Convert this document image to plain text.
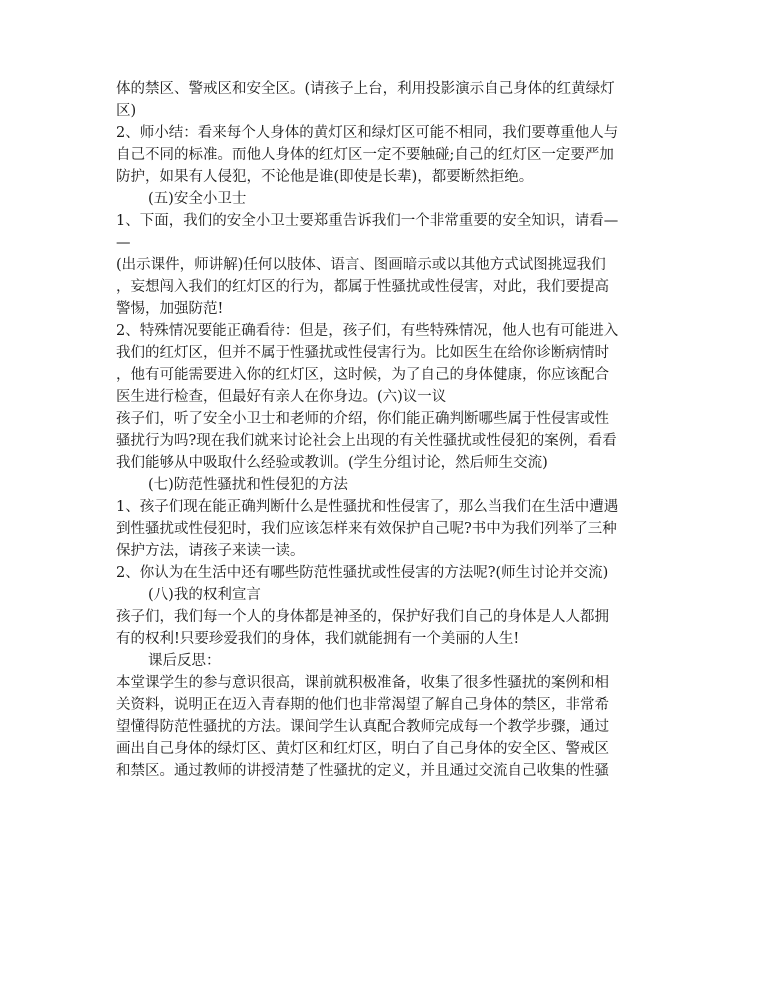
体的禁区、警戒区和安全区。(请孩子上台，利用投影演示自己身体的红黄绿灯
区)

2、师小结：看来每个人身体的黄灯区和绿灯区可能不相同，我们要尊重他人与
自己不同的标准。而他人身体的红灯区一定不要触碰;自己的红灯区一定要严加
防护，如果有人侵犯，不论他是谁(即使是长辈)，都要断然拒绝。

(五)安全小卫士

1、下面，我们的安全小卫士要郑重告诉我们一个非常重要的安全知识，请看—
—

(出示课件，师讲解)任何以肢体、语言、图画暗示或以其他方式试图挑逗我们
，妄想闯入我们的红灯区的行为，都属于性骚扰或性侵害，对此，我们要提高
警惕，加强防范!

2、特殊情况要能正确看待：但是，孩子们，有些特殊情况，他人也有可能进入
我们的红灯区，但并不属于性骚扰或性侵害行为。比如医生在给你诊断病情时
，他有可能需要进入你的红灯区，这时候，为了自己的身体健康，你应该配合
医生进行检查，但最好有亲人在你身边。(六)议一议
孩子们，听了安全小卫士和老师的介绍，你们能正确判断哪些属于性侵害或性
骚扰行为吗?现在我们就来讨论社会上出现的有关性骚扰或性侵犯的案例，看看
我们能够从中吸取什么经验或教训。(学生分组讨论，然后师生交流)

(七)防范性骚扰和性侵犯的方法

1、孩子们现在能正确判断什么是性骚扰和性侵害了，那么当我们在生活中遭遇
到性骚扰或性侵犯时，我们应该怎样来有效保护自己呢?书中为我们列举了三种
保护方法，请孩子来读一读。

2、你认为在生活中还有哪些防范性骚扰或性侵害的方法呢?(师生讨论并交流)

(八)我的权利宣言

孩子们，我们每一个人的身体都是神圣的，保护好我们自己的身体是人人都拥
有的权利!只要珍爱我们的身体，我们就能拥有一个美丽的人生!

课后反思：

本堂课学生的参与意识很高，课前就积极准备，收集了很多性骚扰的案例和相
关资料，说明正在迈入青春期的他们也非常渴望了解自己身体的禁区，非常希
望懂得防范性骚扰的方法。课间学生认真配合教师完成每一个教学步骤，通过
画出自己身体的绿灯区、黄灯区和红灯区，明白了自己身体的安全区、警戒区
和禁区。通过教师的讲授清楚了性骚扰的定义，并且通过交流自己收集的性骚
